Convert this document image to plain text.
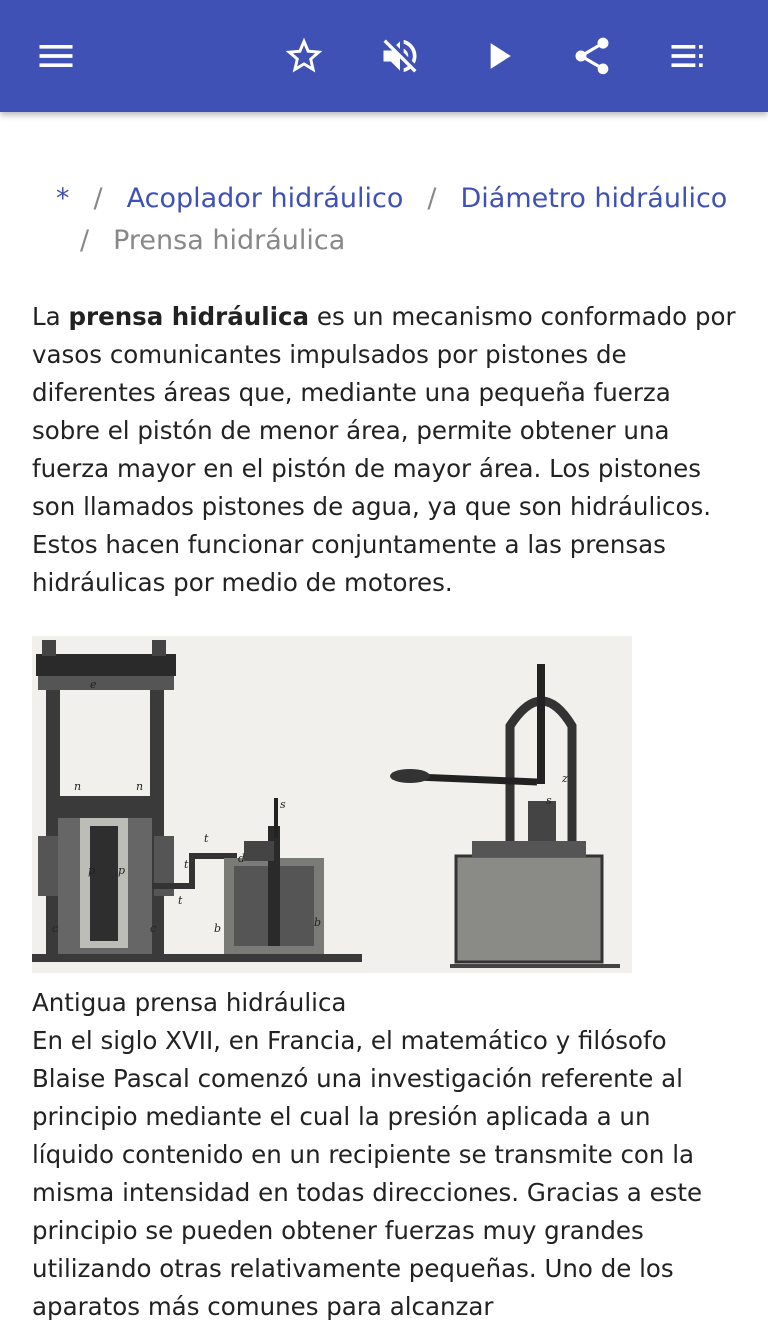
* / Acoplador hidráulico / Diámetro hidráulico
/ Prensa hidráulica

La prensa hidráulica es un mecanismo conformado por vasos comunicantes impulsados por pistones de diferentes áreas que, mediante una pequeña fuerza sobre el pistón de menor área, permite obtener una fuerza mayor en el pistón de mayor área. Los pistones son llamados pistones de agua, ya que son hidráulicos. Estos hacen funcionar conjuntamente a las prensas hidráulicas por medio de motores.

e
n	n
p p
c	c
t
t
t
d
s
b	b
s
z

Antigua prensa hidráulica

En el siglo XVII, en Francia, el matemático y filósofo Blaise Pascal comenzó una investigación referente al principio mediante el cual la presión aplicada a un líquido contenido en un recipiente se transmite con la misma intensidad en todas direcciones. Gracias a este principio se pueden obtener fuerzas muy grandes utilizando otras relativamente pequeñas. Uno de los aparatos más comunes para alcanzar
